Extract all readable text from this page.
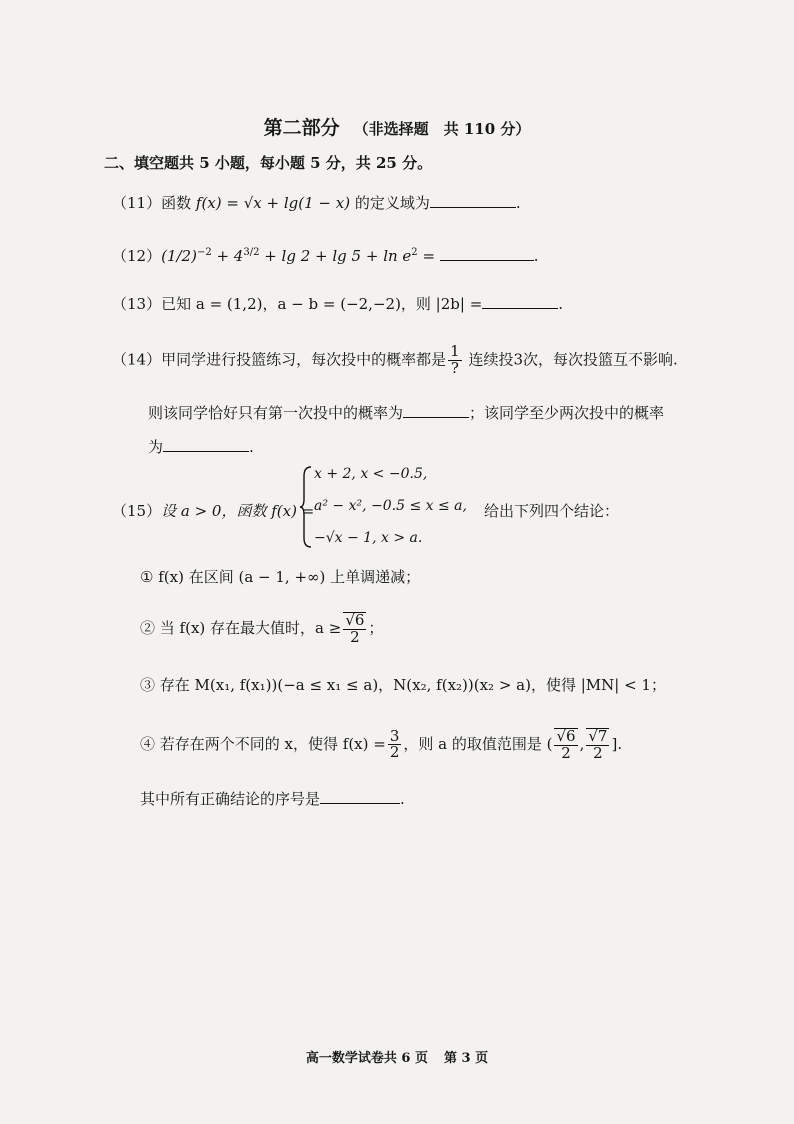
第二部分 （非选择题　共 110 分）
二、填空题共 5 小题，每小题 5 分，共 25 分。
（11）函数 f(x) = √x + lg(1 − x) 的定义域为	.
$(12)(1/2)^{-2} + 4^{3/2} + \lg 2 + \lg 5 + \ln e^2$ =	.
（13）已知 a = (1,2)，a − b = (−2,−2)，则 |2b| =	.
（14）甲同学进行投篮练习，每次投中的概率都是 $\frac{1}{?}$ 连续投3次，每次投篮互不影响.
则该同学恰好只有第一次投中的概率为	；该同学至少两次投中的概率
为	.
（15）设 a > 0，函数 f(x) =
x + 2, x < −0.5,
a² − x², −0.5 ≤ x ≤ a,
−√x − 1, x > a.
给出下列四个结论：
① f(x) 在区间 (a − 1, +∞) 上单调递减；
② 当 f(x) 存在最大值时，$a \ge \frac{√6}{2}$ ；
③ 存在 M(x₁, f(x₁))(−a ≤ x₁ ≤ a)，N(x₂, f(x₂))(x₂ > a)，使得 |MN| < 1；
④ 若存在两个不同的 x，使得 $f(x) = \frac{3}{2}$ ，则 a 的取值范围是 ( $\frac{√6}{2}$ , $\frac{√7}{2}$ ].
其中所有正确结论的序号是	.
高一数学试卷共 6 页 第 3 页
